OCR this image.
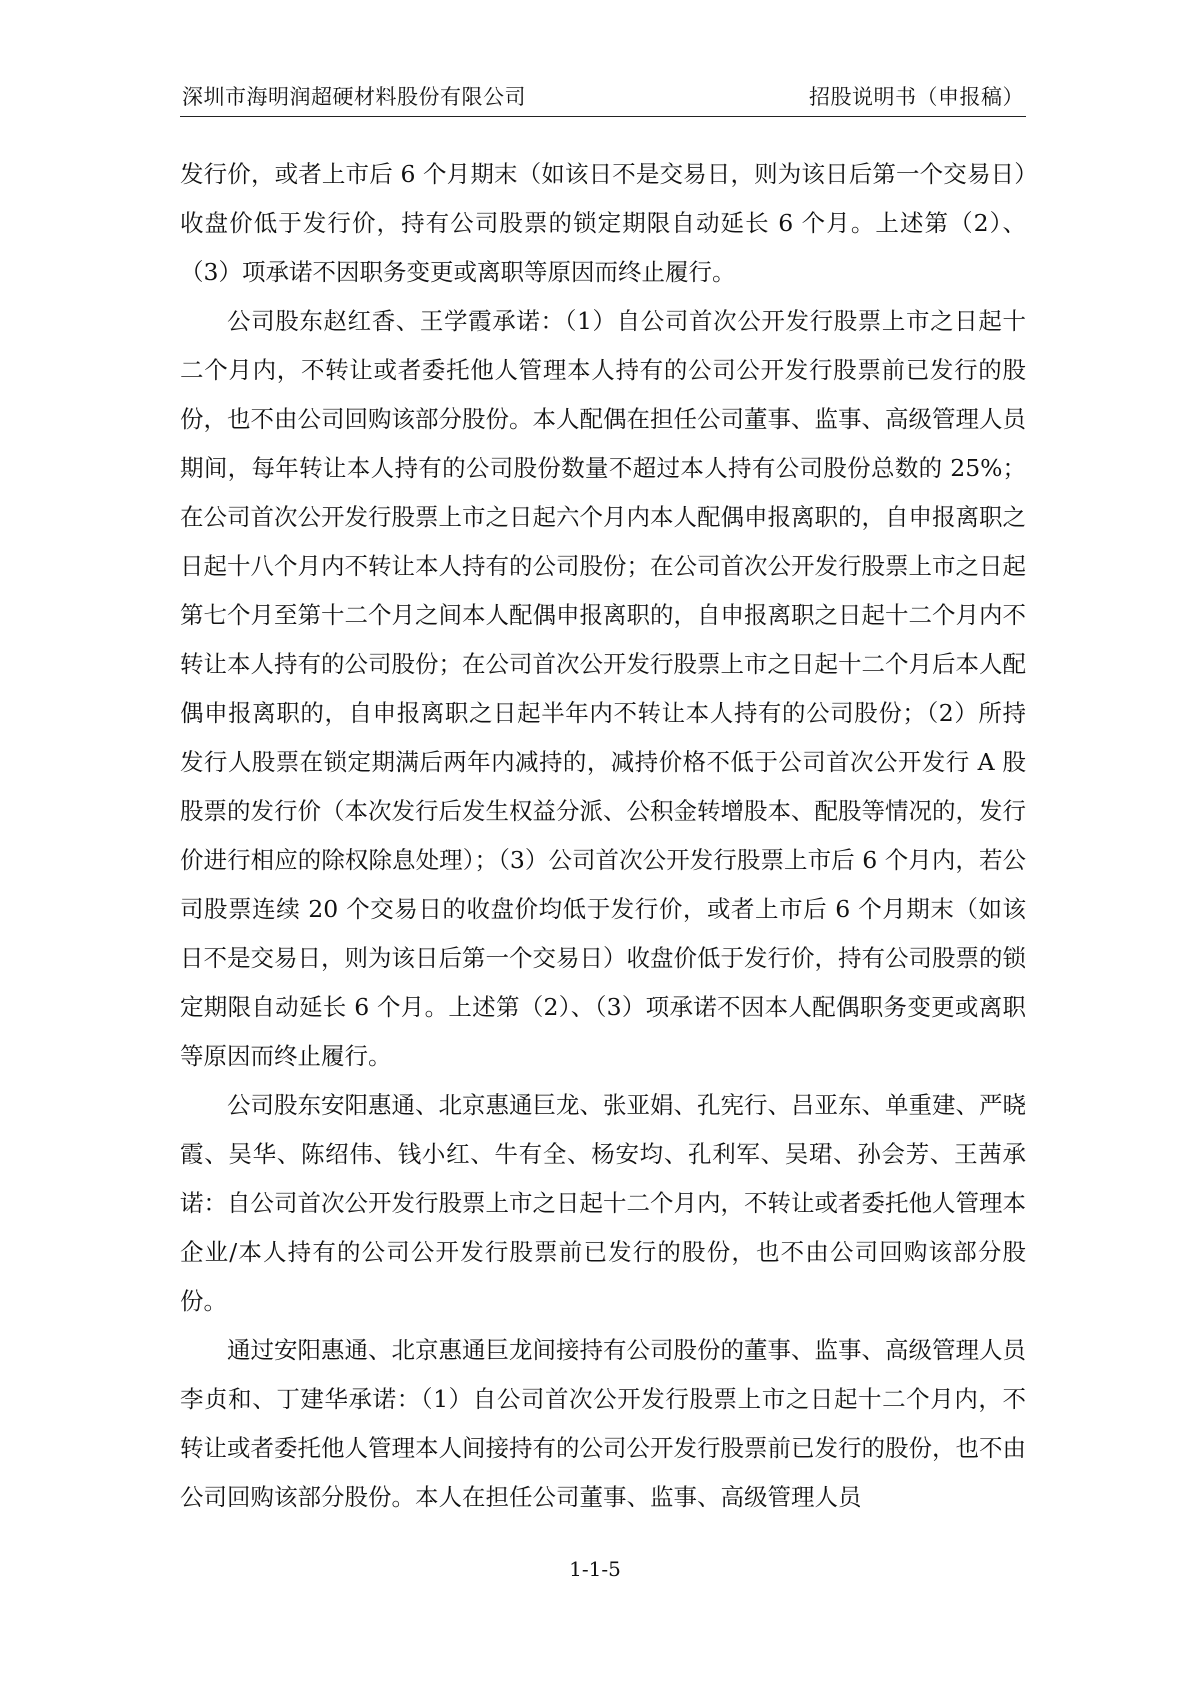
深圳市海明润超硬材料股份有限公司	招股说明书（申报稿）

发行价，或者上市后 6 个月期末（如该日不是交易日，则为该日后第一个交易日）收盘价低于发行价，持有公司股票的锁定期限自动延长 6 个月。上述第（2）、（3）项承诺不因职务变更或离职等原因而终止履行。

公司股东赵红香、王学霞承诺：（1）自公司首次公开发行股票上市之日起十二个月内，不转让或者委托他人管理本人持有的公司公开发行股票前已发行的股份，也不由公司回购该部分股份。本人配偶在担任公司董事、监事、高级管理人员期间，每年转让本人持有的公司股份数量不超过本人持有公司股份总数的 25%；在公司首次公开发行股票上市之日起六个月内本人配偶申报离职的，自申报离职之日起十八个月内不转让本人持有的公司股份；在公司首次公开发行股票上市之日起第七个月至第十二个月之间本人配偶申报离职的，自申报离职之日起十二个月内不转让本人持有的公司股份；在公司首次公开发行股票上市之日起十二个月后本人配偶申报离职的，自申报离职之日起半年内不转让本人持有的公司股份；（2）所持发行人股票在锁定期满后两年内减持的，减持价格不低于公司首次公开发行 A 股股票的发行价（本次发行后发生权益分派、公积金转增股本、配股等情况的，发行价进行相应的除权除息处理）；（3）公司首次公开发行股票上市后 6 个月内，若公司股票连续 20 个交易日的收盘价均低于发行价，或者上市后 6 个月期末（如该日不是交易日，则为该日后第一个交易日）收盘价低于发行价，持有公司股票的锁定期限自动延长 6 个月。上述第（2）、（3）项承诺不因本人配偶职务变更或离职等原因而终止履行。

公司股东安阳惠通、北京惠通巨龙、张亚娟、孔宪行、吕亚东、单重建、严晓霞、吴华、陈绍伟、钱小红、牛有全、杨安均、孔利军、吴珺、孙会芳、王茜承诺：自公司首次公开发行股票上市之日起十二个月内，不转让或者委托他人管理本企业/本人持有的公司公开发行股票前已发行的股份，也不由公司回购该部分股份。

通过安阳惠通、北京惠通巨龙间接持有公司股份的董事、监事、高级管理人员李贞和、丁建华承诺：（1）自公司首次公开发行股票上市之日起十二个月内，不转让或者委托他人管理本人间接持有的公司公开发行股票前已发行的股份，也不由公司回购该部分股份。本人在担任公司董事、监事、高级管理人员

1-1-5
